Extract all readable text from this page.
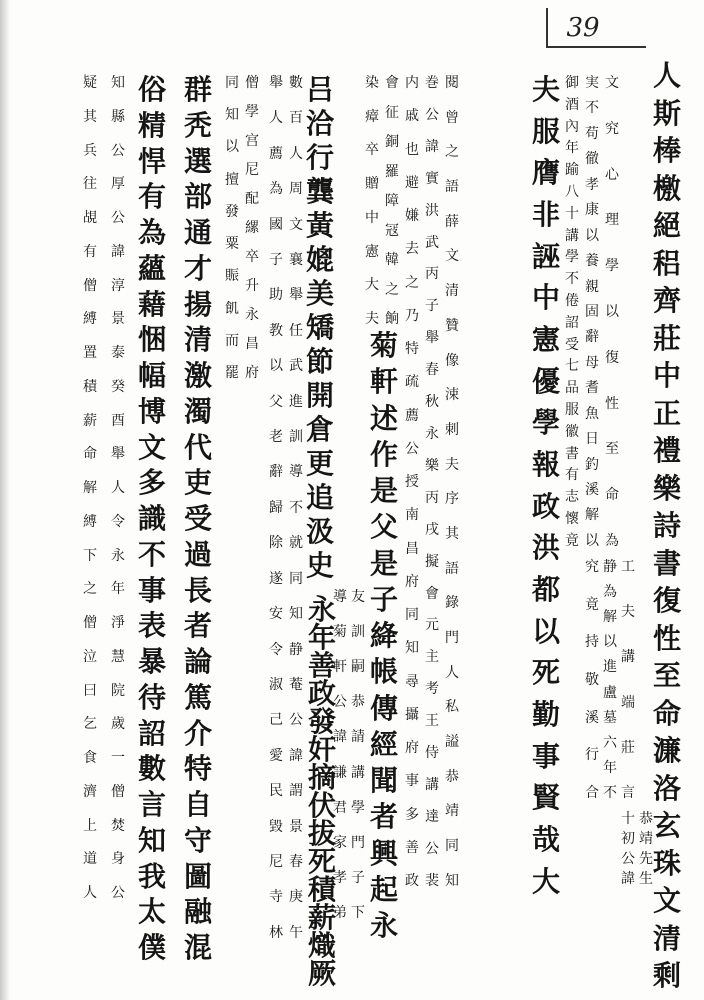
39
人
斯
棒
檄
絕
稆
齊
莊
中
正
禮
樂
詩
書
復
性
至
命
濂
洛
玄
珠
文
清
剩
恭
靖
先
生
十
初
公
諱
工
夫
講
端
莊
言
静
為
解
以
進
盧
墓
六
年
不
究
竟
持
敬
溪
行
合
文
究
心
理
學
以
復
性
至
命
為
実
不
苟
徹
孝
康
以
養
親
固
辭
母
耆
魚
日
釣
溪
解
以
御
酒
內
年
踰
八
十
講
學
不
倦
詔
受
七
品
服
徽
書
有
志
懷
竟
閱
曾
之
語
薛
文
清
贊
像
涑
刺
夫
序
其
語
錄
門
人
私
謚
恭
靖
同
知
巻
公
諱
實
洪
武
丙
子
舉
春
秋
永
樂
丙
戌
擬
會
元
主
考
王
侍
講
達
公
裴
内
戚
也
避
嫌
去
之
乃
特
疏
薦
公
授
南
昌
府
同
知
尋
攝
府
事
多
善
政
會
征
銅
羅
障
冦
韓
之
餉
染
瘴
卒
贈
中
憲
大
夫
夫
服
膺
非
誣
中
憲
優
學
報
政
洪
都
以
死
勤
事
賢
哉
大
菊
軒
述
作
是
父
是
子
絳
帳
傳
經
聞
者
興
起
永
友
訓
嗣
恭
請
講
學
門
子
下
導
菊
軒
公
諱
謙
君
家
孝
弟
吕
洽
行
龔
黃
媲
美
矯
節
開
倉
更
追
汲
史
永
年
善
政
發
奸
摘
伏
拔
死
積
薪
熾
厥
數
百
人
周
文
襄
舉
任
武
進
訓
導
不
就
同
知
静
菴
公
諱
謂
景
春
庚
午
舉
人
薦
為
國
子
助
教
以
父
老
辭
歸
除
遂
安
令
淑
己
愛
民
毀
尼
寺
林
群
秃
選
部
通
才
揚
清
激
濁
代
吏
受
過
長
者
論
篤
介
特
自
守
圖
融
混
僧
學
宫
尼
配
縲
卒
升
永
昌
府
同
知
以
擅
發
粟
賑
飢
而
罷
俗
精
悍
有
為
蘊
藉
悃
幅
博
文
多
識
不
事
表
暴
待
詔
數
言
知
我
太
僕
知
縣
公
厚
公
諱
淳
景
泰
癸
酉
舉
人
令
永
年
淨
慧
院
歲
一
僧
焚
身
公
疑
其
兵
往
覘
有
僧
縛
置
積
薪
命
解
縛
下
之
僧
泣
曰
乞
食
濟
上
道
人
